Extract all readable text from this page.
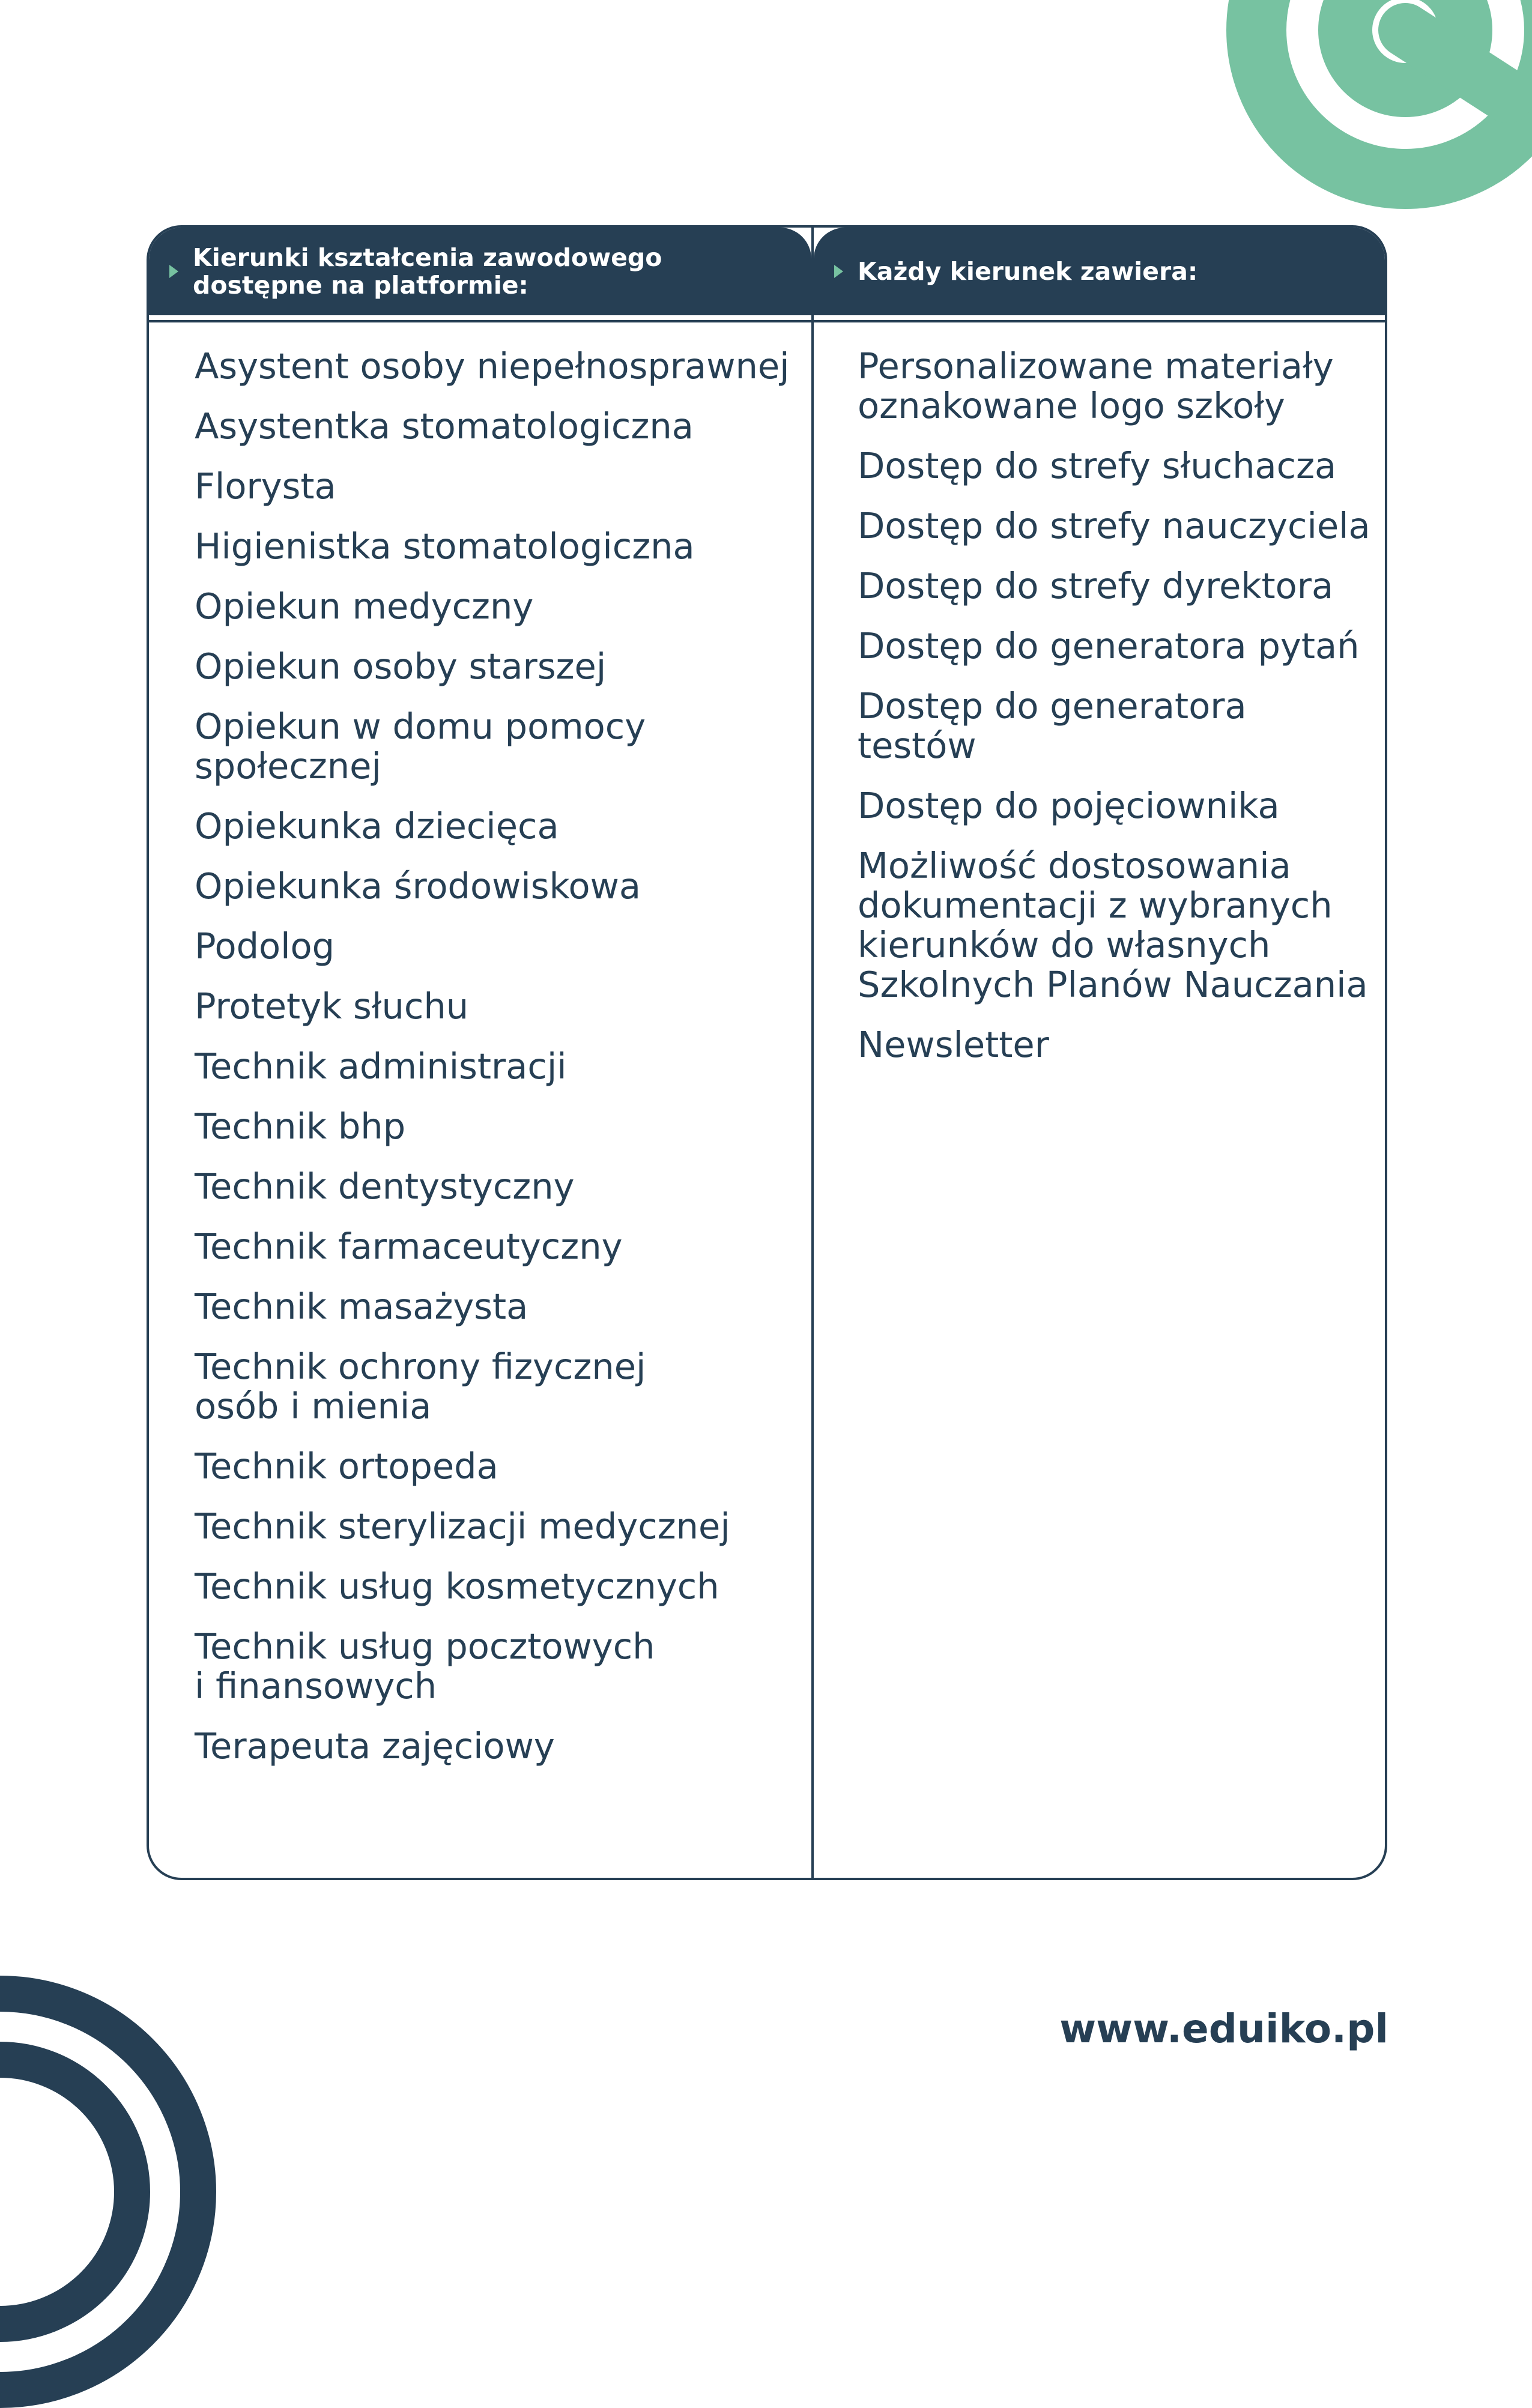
Kierunki kształcenia zawodowego
dostępne na platformie:	Każdy kierunek zawiera:
Asystent osoby niepełnosprawnej
Asystentka stomatologiczna
Florysta
Higienistka stomatologiczna
Opiekun medyczny
Opiekun osoby starszej
Opiekun w domu pomocy
społecznej
Opiekunka dziecięca
Opiekunka środowiskowa
Podolog
Protetyk słuchu
Technik administracji
Technik bhp
Technik dentystyczny
Technik farmaceutyczny
Technik masażysta
Technik ochrony fizycznej
osób i mienia
Technik ortopeda
Technik sterylizacji medycznej
Technik usług kosmetycznych
Technik usług pocztowych
i finansowych
Terapeuta zajęciowy
Personalizowane materiały
oznakowane logo szkoły
Dostęp do strefy słuchacza
Dostęp do strefy nauczyciela
Dostęp do strefy dyrektora
Dostęp do generatora pytań
Dostęp do generatora
testów
Dostęp do pojęciownika
Możliwość dostosowania
dokumentacji z wybranych
kierunków do własnych
Szkolnych Planów Nauczania
Newsletter
www.eduiko.pl
